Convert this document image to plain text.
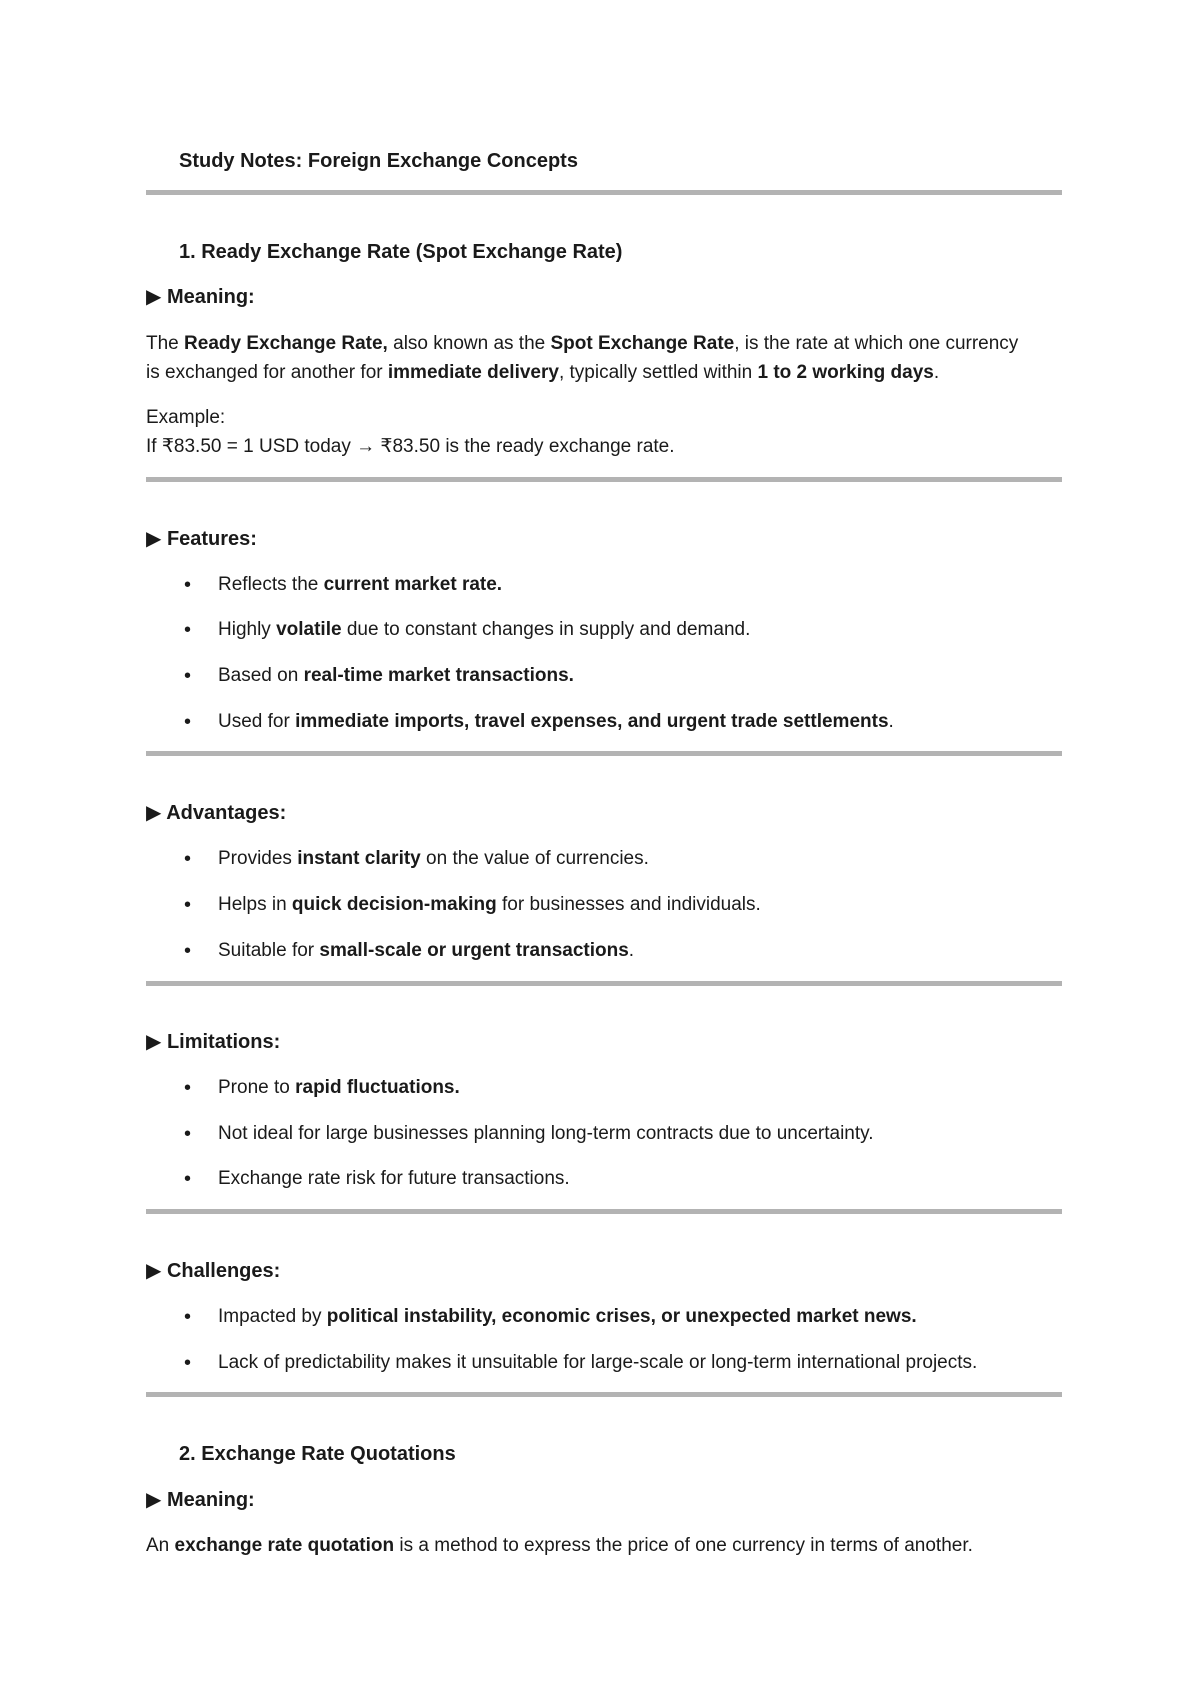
Study Notes: Foreign Exchange Concepts
1. Ready Exchange Rate (Spot Exchange Rate)
▶ Meaning:
The Ready Exchange Rate, also known as the Spot Exchange Rate, is the rate at which one currency
is exchanged for another for immediate delivery, typically settled within 1 to 2 working days.
Example:
If ₹83.50 = 1 USD today → ₹83.50 is the ready exchange rate.
▶ Features:
• Reflects the current market rate.
• Highly volatile due to constant changes in supply and demand.
• Based on real-time market transactions.
• Used for immediate imports, travel expenses, and urgent trade settlements.
▶ Advantages:
• Provides instant clarity on the value of currencies.
• Helps in quick decision-making for businesses and individuals.
• Suitable for small-scale or urgent transactions.
▶ Limitations:
• Prone to rapid fluctuations.
• Not ideal for large businesses planning long-term contracts due to uncertainty.
• Exchange rate risk for future transactions.
▶ Challenges:
• Impacted by political instability, economic crises, or unexpected market news.
• Lack of predictability makes it unsuitable for large-scale or long-term international projects.
2. Exchange Rate Quotations
▶ Meaning:
An exchange rate quotation is a method to express the price of one currency in terms of another.
